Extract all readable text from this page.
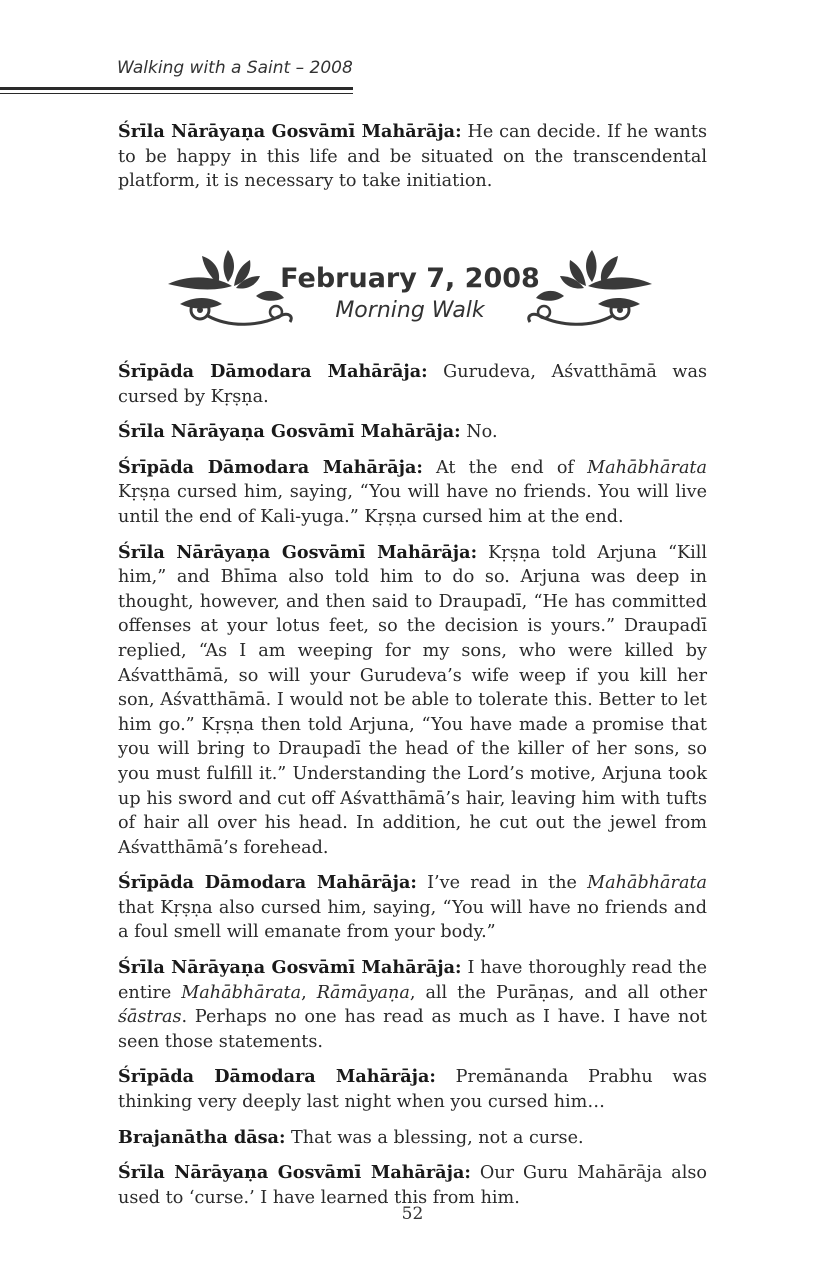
Walking with a Saint – 2008

Śrīla Nārāyaṇa Gosvāmī Mahārāja: He can decide. If he wants to be happy in this life and be situated on the transcendental platform, it is necessary to take initiation.

February 7, 2008
Morning Walk

Śrīpāda Dāmodara Mahārāja: Gurudeva, Aśvatthāmā was cursed by Kṛṣṇa.

Śrīla Nārāyaṇa Gosvāmī Mahārāja: No.

Śrīpāda Dāmodara Mahārāja: At the end of Mahābhārata Kṛṣṇa cursed him, saying, “You will have no friends. You will live until the end of Kali-yuga.” Kṛṣṇa cursed him at the end.

Śrīla Nārāyaṇa Gosvāmī Mahārāja: Kṛṣṇa told Arjuna “Kill him,” and Bhīma also told him to do so. Arjuna was deep in thought, however, and then said to Draupadī, “He has committed offenses at your lotus feet, so the decision is yours.” Draupadī replied, “As I am weeping for my sons, who were killed by Aśvatthāmā, so will your Gurudeva’s wife weep if you kill her son, Aśvatthāmā. I would not be able to tolerate this. Better to let him go.” Kṛṣṇa then told Arjuna, “You have made a promise that you will bring to Draupadī the head of the killer of her sons, so you must fulfill it.” Understanding the Lord’s motive, Arjuna took up his sword and cut off Aśvatthāmā’s hair, leaving him with tufts of hair all over his head. In addition, he cut out the jewel from Aśvatthāmā’s forehead.

Śrīpāda Dāmodara Mahārāja: I’ve read in the Mahābhārata that Kṛṣṇa also cursed him, saying, “You will have no friends and a foul smell will emanate from your body.”

Śrīla Nārāyaṇa Gosvāmī Mahārāja: I have thoroughly read the entire Mahābhārata, Rāmāyaṇa, all the Purāṇas, and all other śāstras. Perhaps no one has read as much as I have. I have not seen those statements.

Śrīpāda Dāmodara Mahārāja: Premānanda Prabhu was thinking very deeply last night when you cursed him…

Brajanātha dāsa: That was a blessing, not a curse.

Śrīla Nārāyaṇa Gosvāmī Mahārāja: Our Guru Mahārāja also used to ‘curse.’ I have learned this from him.

52
